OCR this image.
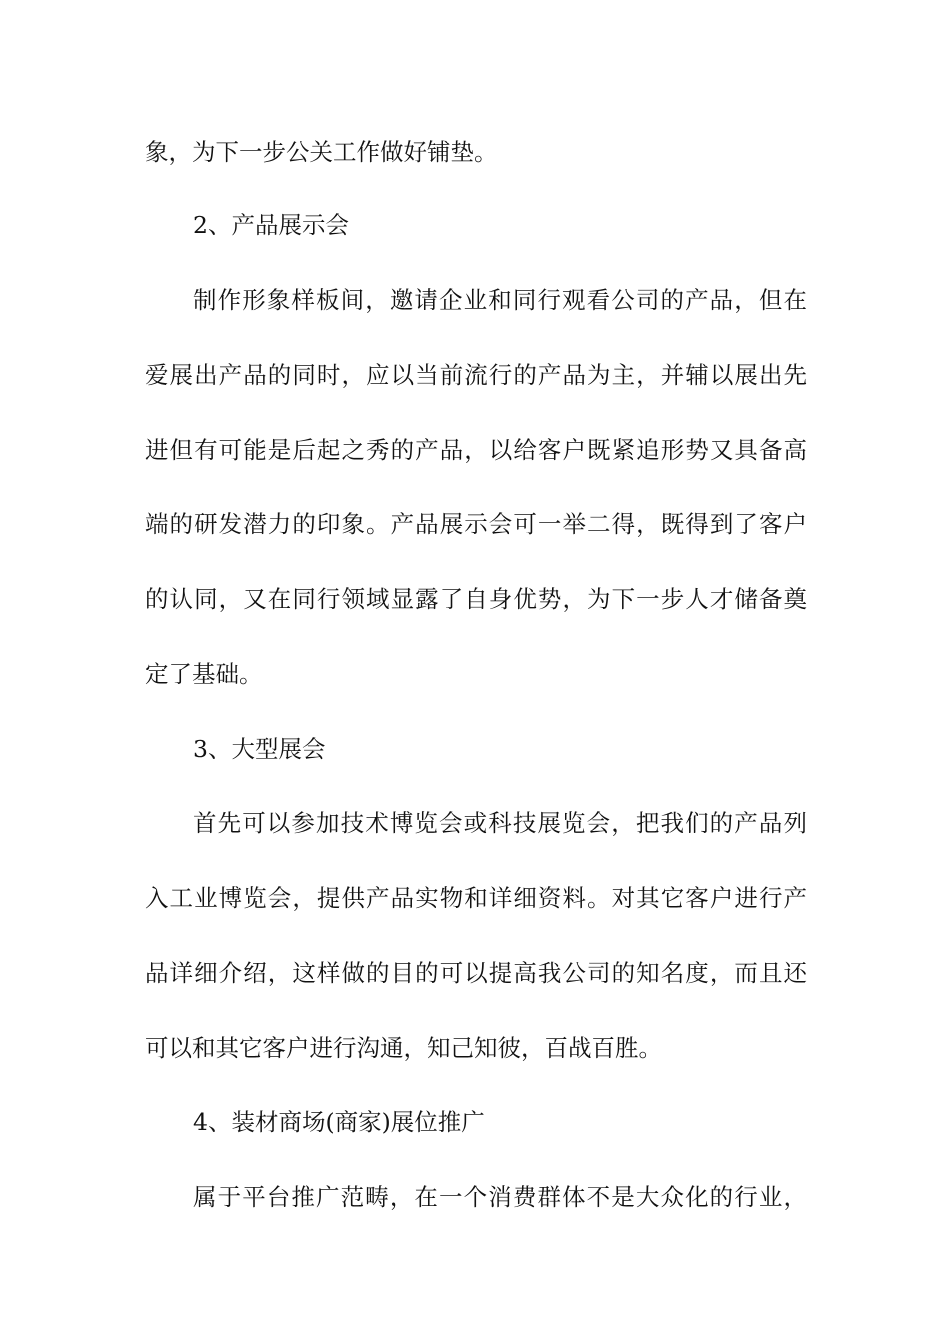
象，为下一步公关工作做好铺垫。

2、产品展示会

制作形象样板间，邀请企业和同行观看公司的产品，但在

爱展出产品的同时，应以当前流行的产品为主，并辅以展出先

进但有可能是后起之秀的产品，以给客户既紧追形势又具备高

端的研发潜力的印象。产品展示会可一举二得，既得到了客户

的认同，又在同行领域显露了自身优势，为下一步人才储备奠

定了基础。

3、大型展会

首先可以参加技术博览会或科技展览会，把我们的产品列

入工业博览会，提供产品实物和详细资料。对其它客户进行产

品详细介绍，这样做的目的可以提高我公司的知名度，而且还

可以和其它客户进行沟通，知己知彼，百战百胜。

4、装材商场(商家)展位推广

属于平台推广范畴，在一个消费群体不是大众化的行业，
